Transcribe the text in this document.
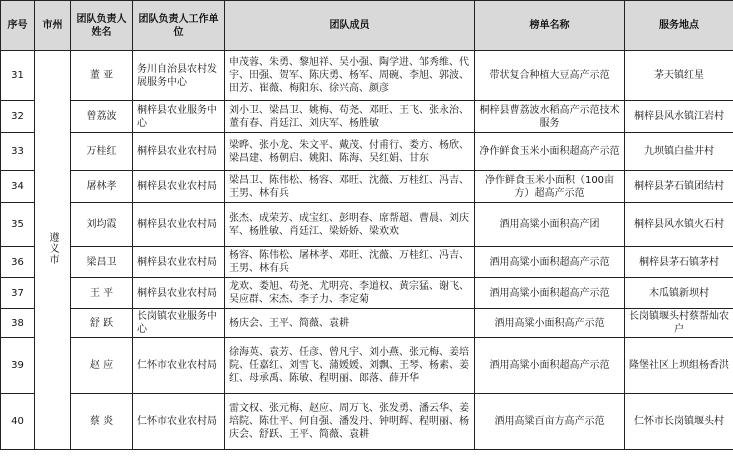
序号	市州	团队负责人姓名	团队负责人工作单位	团队成员	榜单名称	服务地点
31	遵义市	董 亚	务川自治县农村发展服务中心	申茂蓉、朱勇、黎旭祥、吴小强、陶学进、邹秀维、代宇、田强、贺军、陈庆勇、杨军、周碗、李旭、郭波、田芳、崔薇、梅阳东、徐兴高、颜彦	带状复合种植大豆高产示范	茅天镇红星
32		曾荔波	桐梓县农业服务中心	刘小卫、梁昌卫、姚梅、苟尧、邓旺、王飞、张永治、董有春、肖廷江、刘庆军、杨胜敏	桐梓县曹荔波水稻高产示范技术服务	桐梓县风水镇江岩村
33		万桂红	桐梓县农业农村局	梁晔、张小龙、朱文平、戴茂、付甫行、娄方、杨欣、梁昌建、杨朝启、姚阳、陈海、吴红娟、甘东	净作鲜食玉米小面积超高产示范	九坝镇白盐井村
34		屠林孝	桐梓县农业农村局	梁昌卫、陈伟松、杨容、邓旺、沈薇、万桂红、冯吉、王男、林有兵	净作鲜食玉米小面积（100亩方）超高产示范	桐梓县茅石镇团结村
35		刘均霞	桐梓县农业农村局	张杰、成荣芳、成宝红、彭明春、席帮超、曹晨、刘庆军、杨胜敏、肖廷江、梁娇娇、梁欢欢	酒用高粱小面积高产团	桐梓县风水镇火石村
36		梁昌卫	桐梓县农业农村局	杨容、陈伟松、屠林孝、邓旺、沈薇、万桂红、冯吉、王男、林有兵	酒用高粱小面积超高产示范	桐梓县茅石镇茅村
37		王 平	桐梓县农业农村局	龙欢、娄旭、苟尧、尤明亮、李道权、黄宗猛、谢飞、吴应群、宋杰、李子力、李定菊	酒用高粱小面积超高产示范	木瓜镇新坝村
38		舒 跃	长岗镇农业服务中心	杨庆会、王平、简薇、袁耕	酒用高粱小面积高产示范	长岗镇堰头村蔡帮灿农户
39		赵 应	仁怀市农业农村局	徐海英、袁芳、任彦、曾凡宇、刘小燕、张元梅、姜培院、任嘉红、刘雪飞、蒲媛媛、刘飘、王琴、杨素、姜红、母承禹、陈敏、程明丽、郎落、薛开华	酒用高粱小面积超高产示范	隆堡社区上坝组杨香洪
40		蔡 炎	仁怀市农业农村局	雷文权、张元梅、赵应、周万飞、张发勇、潘云华、姜培院、陈仕平、何自强、潘发丹、钟明辉、程明丽、杨庆会、舒跃、王平、简薇、袁耕	酒用高粱百亩方高产示范	仁怀市长岗镇堰头村
